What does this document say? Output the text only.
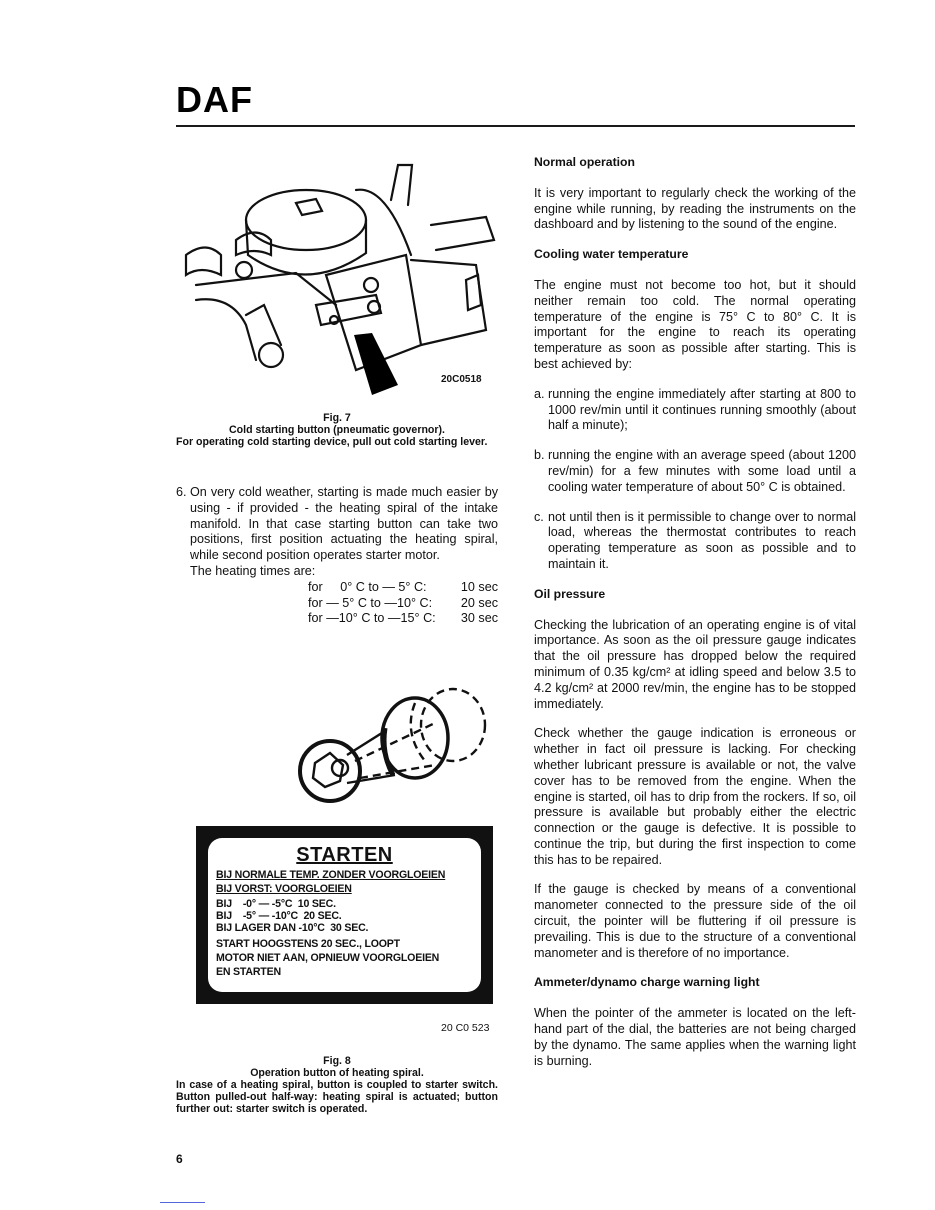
DAF
20C0518
Fig. 7
Cold starting button (pneumatic governor).
For operating cold starting device, pull out cold starting lever.
6. On very cold weather, starting is made much easier by using - if provided - the heating spiral of the intake manifold. In that case starting button can take two positions, first position actuating the heating spiral, while second position operates starter motor.
The heating times are:
for     0° C to — 5° C:	10 sec
for — 5° C to —10° C: 20 sec
for —10° C to —15° C: 30 sec
STARTEN
BIJ NORMALE TEMP. ZONDER VOORGLOEIEN
BIJ VORST: VOORGLOEIEN
BIJ    -0° — -5°C  10 SEC.
BIJ    -5° — -10°C  20 SEC.
BIJ LAGER DAN -10°C  30 SEC.
START HOOGSTENS 20 SEC., LOOPT
MOTOR NIET AAN, OPNIEUW VOORGLOEIEN
EN STARTEN
20 C0 523
Fig. 8
Operation button of heating spiral.
In case of a heating spiral, button is coupled to starter switch. Button pulled-out half-way: heating spiral is actuated; button further out: starter switch is operated.

Normal operation

It is very important to regularly check the working of the engine while running, by reading the instruments on the dashboard and by listening to the sound of the engine.

Cooling water temperature

The engine must not become too hot, but it should neither remain too cold. The normal operating temperature of the engine is 75° C to 80° C. It is important for the engine to reach its operating temperature as soon as possible after starting. This is best achieved by:

a. running the engine immediately after starting at 800 to 1000 rev/min until it continues running smoothly (about half a minute);
b. running the engine with an average speed (about 1200 rev/min) for a few minutes with some load until a cooling water temperature of about 50° C is obtained.
c. not until then is it permissible to change over to normal load, whereas the thermostat contributes to reach operating temperature as soon as possible and to maintain it.

Oil pressure

Checking the lubrication of an operating engine is of vital importance. As soon as the oil pressure gauge indicates that the oil pressure has dropped below the required minimum of 0.35 kg/cm² at idling speed and below 3.5 to 4.2 kg/cm² at 2000 rev/min, the engine has to be stopped immediately.

Check whether the gauge indication is erroneous or whether in fact oil pressure is lacking. For checking whether lubricant pressure is available or not, the valve cover has to be removed from the engine. When the engine is started, oil has to drip from the rockers. If so, oil pressure is available but probably either the electric connection or the gauge is defective. It is possible to continue the trip, but during the first inspection to come this has to be repaired.

If the gauge is checked by means of a conventional manometer connected to the pressure side of the oil circuit, the pointer will be fluttering if oil pressure is prevailing. This is due to the structure of a conventional manometer and is therefore of no importance.

Ammeter/dynamo charge warning light

When the pointer of the ammeter is located on the left-hand part of the dial, the batteries are not being charged by the dynamo. The same applies when the warning light is burning.

6
